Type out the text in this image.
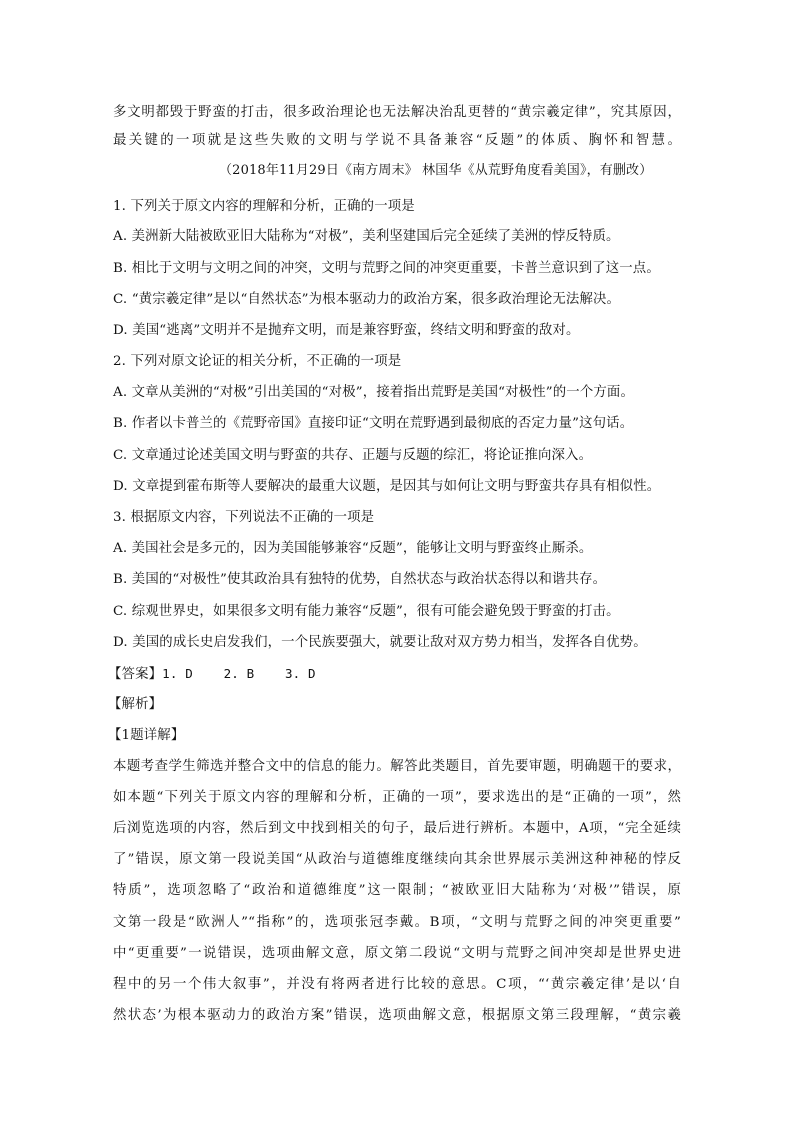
多文明都毁于野蛮的打击，很多政治理论也无法解决治乱更替的“黄宗羲定律”，究其原因，
最关键的一项就是这些失败的文明与学说不具备兼容“反题”的体质、胸怀和智慧。
（2018年11月29日《南方周末》 林国华《从荒野角度看美国》，有删改）
1. 下列关于原文内容的理解和分析，正确的一项是
A. 美洲新大陆被欧亚旧大陆称为“对极”，美利坚建国后完全延续了美洲的悖反特质。
B. 相比于文明与文明之间的冲突，文明与荒野之间的冲突更重要，卡普兰意识到了这一点。
C. “黄宗羲定律”是以“自然状态”为根本驱动力的政治方案，很多政治理论无法解决。
D. 美国“逃离”文明并不是抛弃文明，而是兼容野蛮，终结文明和野蛮的敌对。
2. 下列对原文论证的相关分析，不正确的一项是
A. 文章从美洲的“对极”引出美国的“对极”，接着指出荒野是美国“对极性”的一个方面。
B. 作者以卡普兰的《荒野帝国》直接印证“文明在荒野遇到最彻底的否定力量”这句话。
C. 文章通过论述美国文明与野蛮的共存、正题与反题的综汇，将论证推向深入。
D. 文章提到霍布斯等人要解决的最重大议题，是因其与如何让文明与野蛮共存具有相似性。
3. 根据原文内容，下列说法不正确的一项是
A. 美国社会是多元的，因为美国能够兼容“反题”，能够让文明与野蛮终止厮杀。
B. 美国的“对极性”使其政治具有独特的优势，自然状态与政治状态得以和谐共存。
C. 综观世界史，如果很多文明有能力兼容“反题”，很有可能会避免毁于野蛮的打击。
D. 美国的成长史启发我们，一个民族要强大，就要让敌对双方势力相当，发挥各自优势。
【答案】1. D    2. B    3. D
【解析】
【1题详解】
本题考查学生筛选并整合文中的信息的能力。解答此类题目，首先要审题，明确题干的要求，
如本题“下列关于原文内容的理解和分析，正确的一项”，要求选出的是“正确的一项”，然
后浏览选项的内容，然后到文中找到相关的句子，最后进行辨析。本题中，A项，“完全延续
了”错误，原文第一段说美国“从政治与道德维度继续向其余世界展示美洲这种神秘的悖反
特质”，选项忽略了“政治和道德维度”这一限制；“被欧亚旧大陆称为‘对极’”错误，原
文第一段是“欧洲人”“指称”的，选项张冠李戴。B项，“文明与荒野之间的冲突更重要”
中“更重要”一说错误，选项曲解文意，原文第二段说“文明与荒野之间冲突却是世界史进
程中的另一个伟大叙事”，并没有将两者进行比较的意思。C项，“‘黄宗羲定律’是以‘自
然状态’为根本驱动力的政治方案”错误，选项曲解文意，根据原文第三段理解，“黄宗羲
